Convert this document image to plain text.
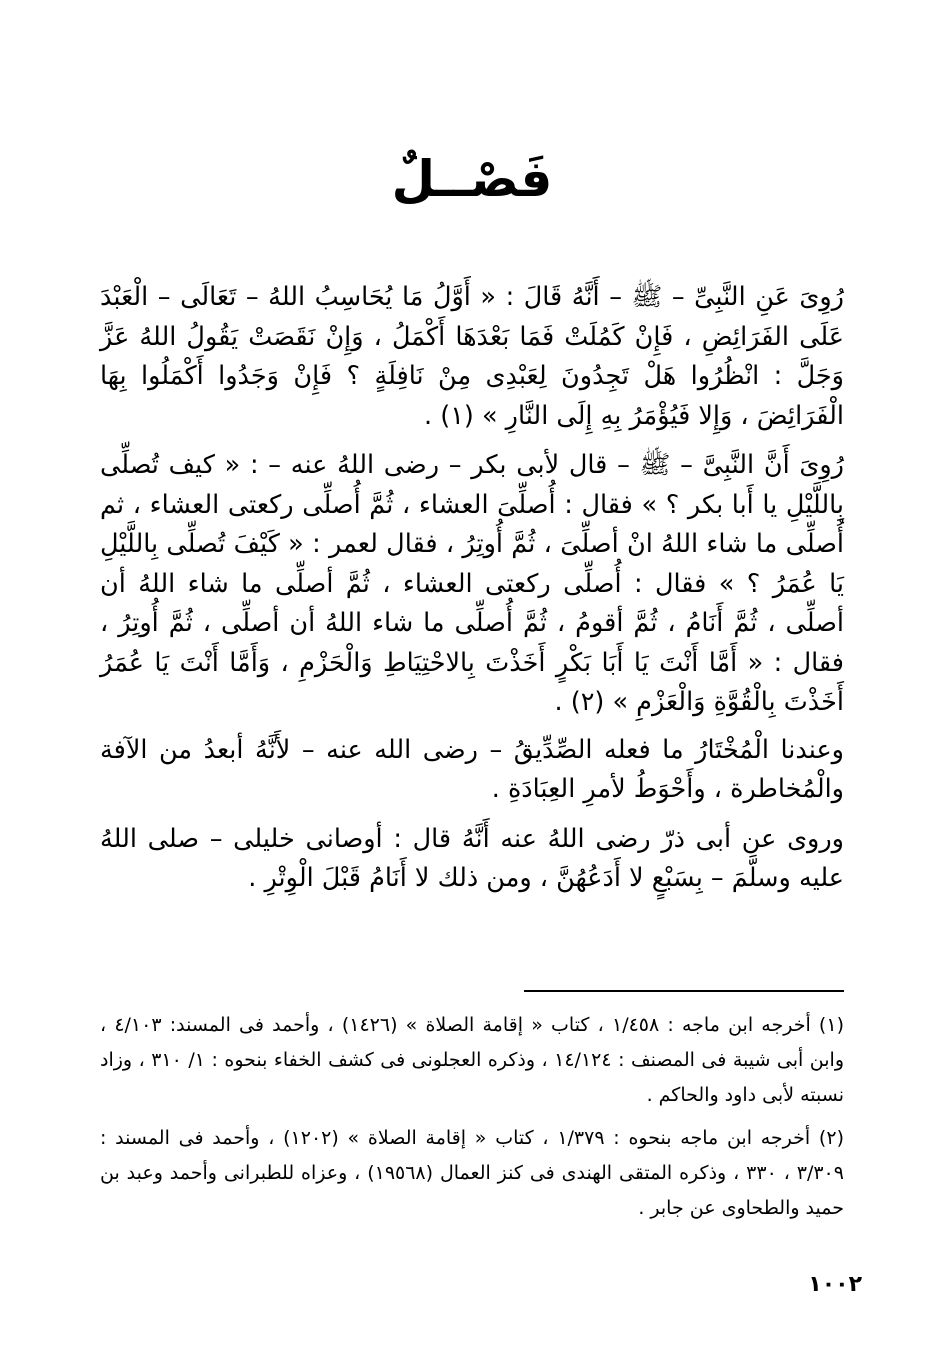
فَصْــلٌ

رُوِىَ عَنِ النَّبِىِّ – ﷺ – أَنَّهُ قَالَ : « أَوَّلُ مَا يُحَاسِبُ اللهُ – تَعَالَى – الْعَبْدَ عَلَى الفَرَائِضِ ، فَإِنْ كَمُلَتْ فَمَا بَعْدَهَا أَكْمَلُ ، وَإِنْ نَقَصَتْ يَقُولُ اللهُ عَزَّ وَجَلَّ : انْظُرُوا هَلْ تَجِدُونَ لِعَبْدِى مِنْ نَافِلَةٍ ؟ فَإِنْ وَجَدُوا أَكْمَلُوا بِهَا الْفَرَائِضَ ، وَإِلا فَيُؤْمَرُ بِهِ إِلَى النَّارِ » (١) .

رُوِىَ أَنَّ النَّبِىَّ – ﷺ – قال لأبى بكر – رضى اللهُ عنه – : « كيف تُصلِّى بِاللَّيْلِ يا أَبا بكر ؟ » فقال : أُصلِّىَ العشاء ، ثُمَّ أُصلِّى ركعتى العشاء ، ثم أُصلِّى ما شاء اللهُ انْ أصلِّىَ ، ثُمَّ أُوتِرُ ، فقال لعمر : « كَيْفَ تُصلِّى بِاللَّيْلِ يَا عُمَرُ ؟ » فقال : أُصلِّى ركعتى العشاء ، ثُمَّ أصلِّى ما شاء اللهُ أن أصلِّى ، ثُمَّ أَنَامُ ، ثُمَّ أقومُ ، ثُمَّ أُصلِّى ما شاء اللهُ أن أصلِّى ، ثُمَّ أُوتِرُ ، فقال : « أَمَّا أَنْتَ يَا أَبَا بَكْرٍ أَخَذْتَ بِالاحْتِيَاطِ وَالْحَزْمِ ، وَأَمَّا أَنْتَ يَا عُمَرُ أَخَذْتَ بِالْقُوَّةِ وَالْعَزْمِ » (٢) .

وعندنا الْمُخْتَارُ ما فعله الصِّدِّيقُ – رضى الله عنه – لأَنَّهُ أبعدُ من الآفة والْمُخاطرة ، وأَحْوَطُ لأمرِ العِبَادَةِ .

وروى عن أبى ذرّ رضى اللهُ عنه أَنَّهُ قال : أوصانى خليلى – صلى اللهُ عليه وسلَّمَ – بِسَبْعٍ لا أَدَعُهُنَّ ، ومن ذلك لا أَنَامُ قَبْلَ الْوِتْرِ .

(١) أخرجه ابن ماجه : ١/٤٥٨ ، كتاب « إقامة الصلاة » (١٤٢٦) ، وأحمد فى المسند: ٤/١٠٣ ، وابن أبى شيبة فى المصنف : ١٤/١٢٤ ، وذكره العجلونى فى كشف الخفاء بنحوه : ١/ ٣١٠ ، وزاد نسبته لأبى داود والحاكم .

(٢) أخرجه ابن ماجه بنحوه : ١/٣٧٩ ، كتاب « إقامة الصلاة » (١٢٠٢) ، وأحمد فى المسند : ٣/٣٠٩ ، ٣٣٠ ، وذكره المتقى الهندى فى كنز العمال (١٩٥٦٨) ، وعزاه للطبرانى وأحمد وعبد بن حميد والطحاوى عن جابر .

١٠٠٢
